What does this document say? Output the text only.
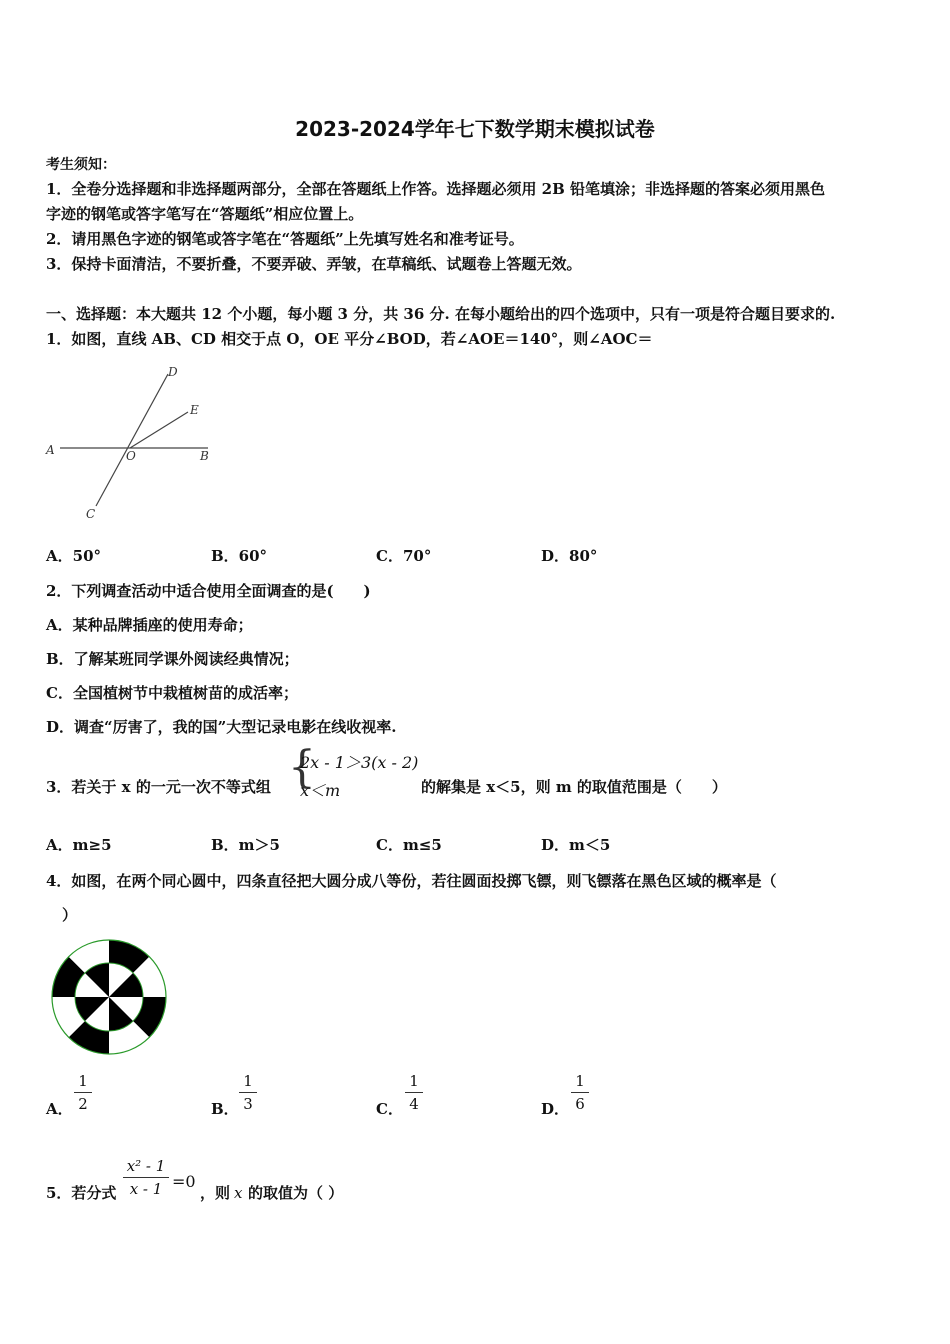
2023-2024学年七下数学期末模拟试卷
考生须知：
1．全卷分选择题和非选择题两部分，全部在答题纸上作答。选择题必须用 2B 铅笔填涂；非选择题的答案必须用黑色
字迹的钢笔或答字笔写在“答题纸”相应位置上。
2．请用黑色字迹的钢笔或答字笔在“答题纸”上先填写姓名和准考证号。
3．保持卡面清洁，不要折叠，不要弄破、弄皱，在草稿纸、试题卷上答题无效。
一、选择题：本大题共 12 个小题，每小题 3 分，共 36 分. 在每小题给出的四个选项中，只有一项是符合题目要求的.
1．如图，直线 AB、CD 相交于点 O，OE 平分∠BOD，若∠AOE＝140°，则∠AOC＝
D
E
A	O	B
C
A．50°	B．60°	C．70°	D．80°
2．下列调查活动中适合使用全面调查的是(　　)
A．某种品牌插座的使用寿命；
B．了解某班同学课外阅读经典情况；
C．全国植树节中栽植树苗的成活率；
D．调查“厉害了，我的国”大型记录电影在线收视率.
3．若关于 x 的一元一次不等式组 {
2x - 1＞3(x - 2)
x＜m	的解集是 x＜5，则 m 的取值范围是（　　）
A．m≥5	B．m＞5	C．m≤5	D．m＜5
4．如图，在两个同心圆中，四条直径把大圆分成八等份，若往圆面投掷飞镖，则飞镖落在黑色区域的概率是（
）
A．
1
2	B．
1
3	C．
1
4	D．
1
6
5．若分式
x² - 1
x - 1 =0
，则 x 的取值为（ ）
